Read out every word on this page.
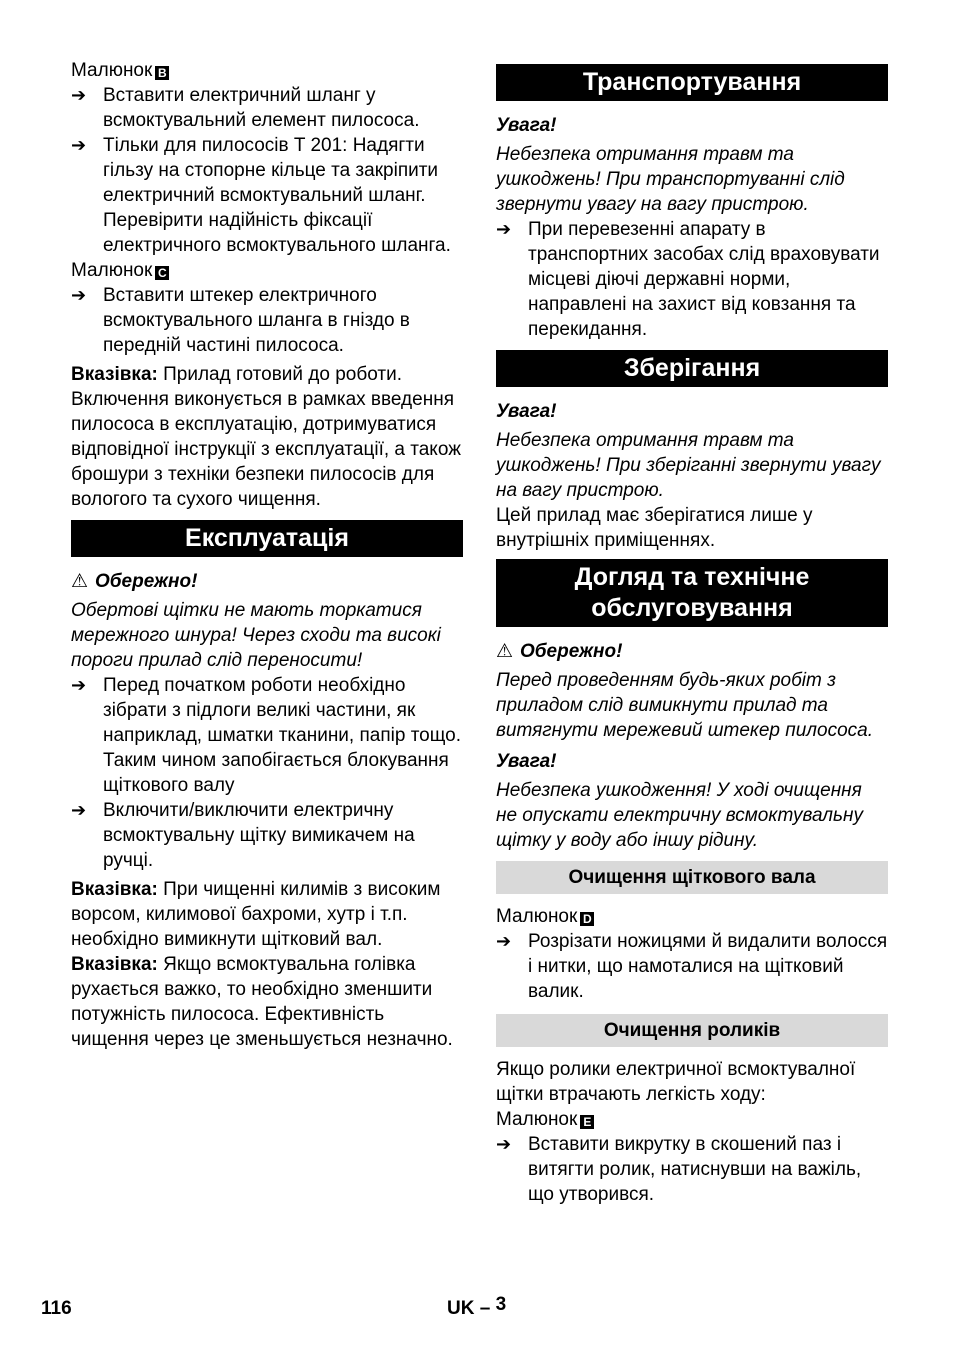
Малюнок B

➔ Вставити електричний шланг у всмоктувальний елемент пилососа.
➔ Тільки для пилососів T 201: Надягти гільзу на стопорне кільце та закріпити електричний всмоктувальний шланг. Перевірити надійність фіксації електричного всмоктувального шланга.

Малюнок C

➔ Вставити штекер електричного всмоктувального шланга в гніздо в передній частині пилососа.

Вказівка: Прилад готовий до роботи. Включення виконується в рамках введення пилососа в експлуатацію, дотримуватися відповідної інструкції з експлуатації, а також брошури з техніки безпеки пилососів для вологого та сухого чищення.

Експлуатація

⚠ Обережно!

Обертові щітки не мають торкатися мережного шнура! Через сходи та високі пороги прилад слід переносити!

➔ Перед початком роботи необхідно зібрати з підлоги великі частини, як наприклад, шматки тканини, папір тощо. Таким чином запобігається блокування щіткового валу
➔ Включити/виключити електричну всмоктувальну щітку вимикачем на ручці.

Вказівка: При чищенні килимів з високим ворсом, килимової бахроми, хутр і т.п. необхідно вимикнути щітковий вал.

Вказівка: Якщо всмоктувальна голівка рухається важко, то необхідно зменшити потужність пилососа. Ефективність чищення через це зменьшується незначно.

Транспортування

Увага!

Небезпека отримання травм та ушкоджень! При транспортуванні слід звернути увагу на вагу пристрою.

➔ При перевезенні апарату в транспортних засобах слід враховувати місцеві діючі державні норми, направлені на захист від ковзання та перекидання.
Зберігання

Увага!

Небезпека отримання травм та ушкоджень! При зберіганні звернути увагу на вагу пристрою.

Цей прилад має зберігатися лише у внутрішніх приміщеннях.

Догляд та технічне обслуговування

⚠ Обережно!

Перед проведенням будь-яких робіт з приладом слід вимикнути прилад та витягнути мережевий штекер пилососа.

Увага!

Небезпека ушкодження! У ході очищення не опускати електричну всмоктувальну щітку у воду або іншу рідину.

Очищення щіткового вала

Малюнок D

➔ Розрізати ножицями й видалити волосся і нитки, що намоталися на щітковий валик.
Очищення роликів

Якщо ролики електричної всмоктувалної щітки втрачають легкість ходу:

Малюнок E

➔ Вставити викрутку в скошений паз і витягти ролик, натиснувши на важіль, що утворився.
116	UK – 3
